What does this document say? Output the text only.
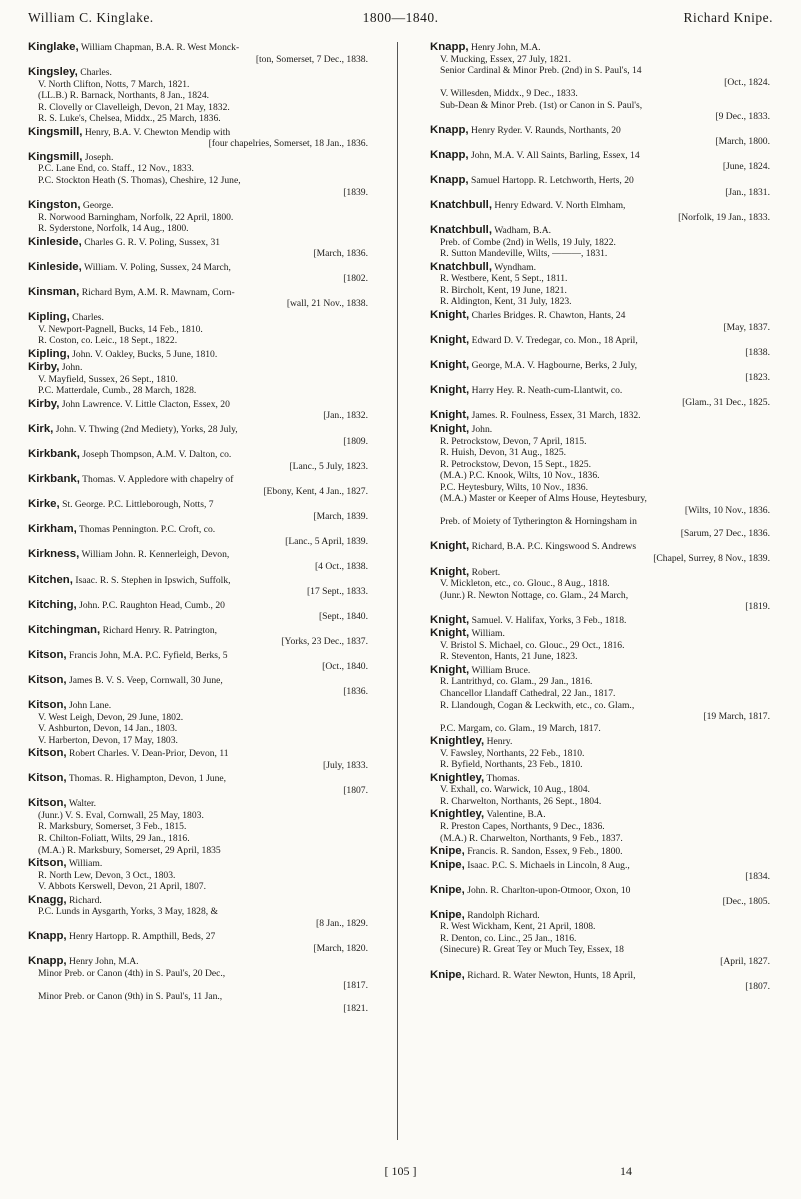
William C. Kinglake.	1800—1840.	Richard Knipe.
Kinglake, William Chapman, B.A. R. West Monck-
[ton, Somerset, 7 Dec., 1838.
Kingsley, Charles.
V. North Clifton, Notts, 7 March, 1821.
(LL.B.) R. Barnack, Northants, 8 Jan., 1824.
R. Clovelly or Clavelleigh, Devon, 21 May, 1832.
R. S. Luke's, Chelsea, Middx., 25 March, 1836.
Kingsmill, Henry, B.A. V. Chewton Mendip with
[four chapelries, Somerset, 18 Jan., 1836.
Kingsmill, Joseph.
P.C. Lane End, co. Staff., 12 Nov., 1833.
P.C. Stockton Heath (S. Thomas), Cheshire, 12 June,
[1839.
Kingston, George.
R. Norwood Barningham, Norfolk, 22 April, 1800.
R. Syderstone, Norfolk, 14 Aug., 1800.
Kinleside, Charles G. R. V. Poling, Sussex, 31
[March, 1836.
Kinleside, William. V. Poling, Sussex, 24 March,
[1802.
Kinsman, Richard Bym, A.M. R. Mawnam, Corn-
[wall, 21 Nov., 1838.
Kipling, Charles.
V. Newport-Pagnell, Bucks, 14 Feb., 1810.
R. Coston, co. Leic., 18 Sept., 1822.
Kipling, John. V. Oakley, Bucks, 5 June, 1810.
Kirby, John.
V. Mayfield, Sussex, 26 Sept., 1810.
P.C. Matterdale, Cumb., 28 March, 1828.
Kirby, John Lawrence. V. Little Clacton, Essex, 20
[Jan., 1832.
Kirk, John. V. Thwing (2nd Mediety), Yorks, 28 July,
[1809.
Kirkbank, Joseph Thompson, A.M. V. Dalton, co.
[Lanc., 5 July, 1823.
Kirkbank, Thomas. V. Appledore with chapelry of
[Ebony, Kent, 4 Jan., 1827.
Kirke, St. George. P.C. Littleborough, Notts, 7
[March, 1839.
Kirkham, Thomas Pennington. P.C. Croft, co.
[Lanc., 5 April, 1839.
Kirkness, William John. R. Kennerleigh, Devon,
[4 Oct., 1838.
Kitchen, Isaac. R. S. Stephen in Ipswich, Suffolk,
[17 Sept., 1833.
Kitching, John. P.C. Raughton Head, Cumb., 20
[Sept., 1840.
Kitchingman, Richard Henry. R. Patrington,
[Yorks, 23 Dec., 1837.
Kitson, Francis John, M.A. P.C. Fyfield, Berks, 5
[Oct., 1840.
Kitson, James B. V. S. Veep, Cornwall, 30 June,
[1836.
Kitson, John Lane.
V. West Leigh, Devon, 29 June, 1802.
V. Ashburton, Devon, 14 Jan., 1803.
V. Harberton, Devon, 17 May, 1803.
Kitson, Robert Charles. V. Dean-Prior, Devon, 11
[July, 1833.
Kitson, Thomas. R. Highampton, Devon, 1 June,
[1807.
Kitson, Walter.
(Junr.) V. S. Eval, Cornwall, 25 May, 1803.
R. Marksbury, Somerset, 3 Feb., 1815.
R. Chilton-Foliatt, Wilts, 29 Jan., 1816.
(M.A.) R. Marksbury, Somerset, 29 April, 1835
Kitson, William.
R. North Lew, Devon, 3 Oct., 1803.
V. Abbots Kerswell, Devon, 21 April, 1807.
Knagg, Richard.
P.C. Lunds in Aysgarth, Yorks, 3 May, 1828, &
[8 Jan., 1829.
Knapp, Henry Hartopp. R. Ampthill, Beds, 27
[March, 1820.
Knapp, Henry John, M.A.
Minor Preb. or Canon (4th) in S. Paul's, 20 Dec.,
[1817.
Minor Preb. or Canon (9th) in S. Paul's, 11 Jan.,
[1821.
Knapp, Henry John, M.A.
V. Mucking, Essex, 27 July, 1821.
Senior Cardinal & Minor Preb. (2nd) in S. Paul's, 14
[Oct., 1824.
V. Willesden, Middx., 9 Dec., 1833.
Sub-Dean & Minor Preb. (1st) or Canon in S. Paul's,
[9 Dec., 1833.
Knapp, Henry Ryder. V. Raunds, Northants, 20
[March, 1800.
Knapp, John, M.A. V. All Saints, Barling, Essex, 14
[June, 1824.
Knapp, Samuel Hartopp. R. Letchworth, Herts, 20
[Jan., 1831.
Knatchbull, Henry Edward. V. North Elmham,
[Norfolk, 19 Jan., 1833.
Knatchbull, Wadham, B.A.
Preb. of Combe (2nd) in Wells, 19 July, 1822.
R. Sutton Mandeville, Wilts, ———, 1831.
Knatchbull, Wyndham.
R. Westbere, Kent, 5 Sept., 1811.
R. Bircholt, Kent, 19 June, 1821.
R. Aldington, Kent, 31 July, 1823.
Knight, Charles Bridges. R. Chawton, Hants, 24
[May, 1837.
Knight, Edward D. V. Tredegar, co. Mon., 18 April,
[1838.
Knight, George, M.A. V. Hagbourne, Berks, 2 July,
[1823.
Knight, Harry Hey. R. Neath-cum-Llantwit, co.
[Glam., 31 Dec., 1825.
Knight, James. R. Foulness, Essex, 31 March, 1832.
Knight, John.
R. Petrockstow, Devon, 7 April, 1815.
R. Huish, Devon, 31 Aug., 1825.
R. Petrockstow, Devon, 15 Sept., 1825.
(M.A.) P.C. Knook, Wilts, 10 Nov., 1836.
P.C. Heytesbury, Wilts, 10 Nov., 1836.
(M.A.) Master or Keeper of Alms House, Heytesbury,
[Wilts, 10 Nov., 1836.
Preb. of Moiety of Tytherington & Horningsham in
[Sarum, 27 Dec., 1836.
Knight, Richard, B.A. P.C. Kingswood S. Andrews
[Chapel, Surrey, 8 Nov., 1839.
Knight, Robert.
V. Mickleton, etc., co. Glouc., 8 Aug., 1818.
(Junr.) R. Newton Nottage, co. Glam., 24 March,
[1819.
Knight, Samuel. V. Halifax, Yorks, 3 Feb., 1818.
Knight, William.
V. Bristol S. Michael, co. Glouc., 29 Oct., 1816.
R. Steventon, Hants, 21 June, 1823.
Knight, William Bruce.
R. Lantrithyd, co. Glam., 29 Jan., 1816.
Chancellor Llandaff Cathedral, 22 Jan., 1817.
R. Llandough, Cogan & Leckwith, etc., co. Glam.,
[19 March, 1817.
P.C. Margam, co. Glam., 19 March, 1817.
Knightley, Henry.
V. Fawsley, Northants, 22 Feb., 1810.
R. Byfield, Northants, 23 Feb., 1810.
Knightley, Thomas.
V. Exhall, co. Warwick, 10 Aug., 1804.
R. Charwelton, Northants, 26 Sept., 1804.
Knightley, Valentine, B.A.
R. Preston Capes, Northants, 9 Dec., 1836.
(M.A.) R. Charwelton, Northants, 9 Feb., 1837.
Knipe, Francis. R. Sandon, Essex, 9 Feb., 1800.
Knipe, Isaac. P.C. S. Michaels in Lincoln, 8 Aug.,
[1834.
Knipe, John. R. Charlton-upon-Otmoor, Oxon, 10
[Dec., 1805.
Knipe, Randolph Richard.
R. West Wickham, Kent, 21 April, 1808.
R. Denton, co. Linc., 25 Jan., 1816.
(Sinecure) R. Great Tey or Much Tey, Essex, 18
[April, 1827.
Knipe, Richard. R. Water Newton, Hunts, 18 April,
[1807.
[ 105 ]	14
